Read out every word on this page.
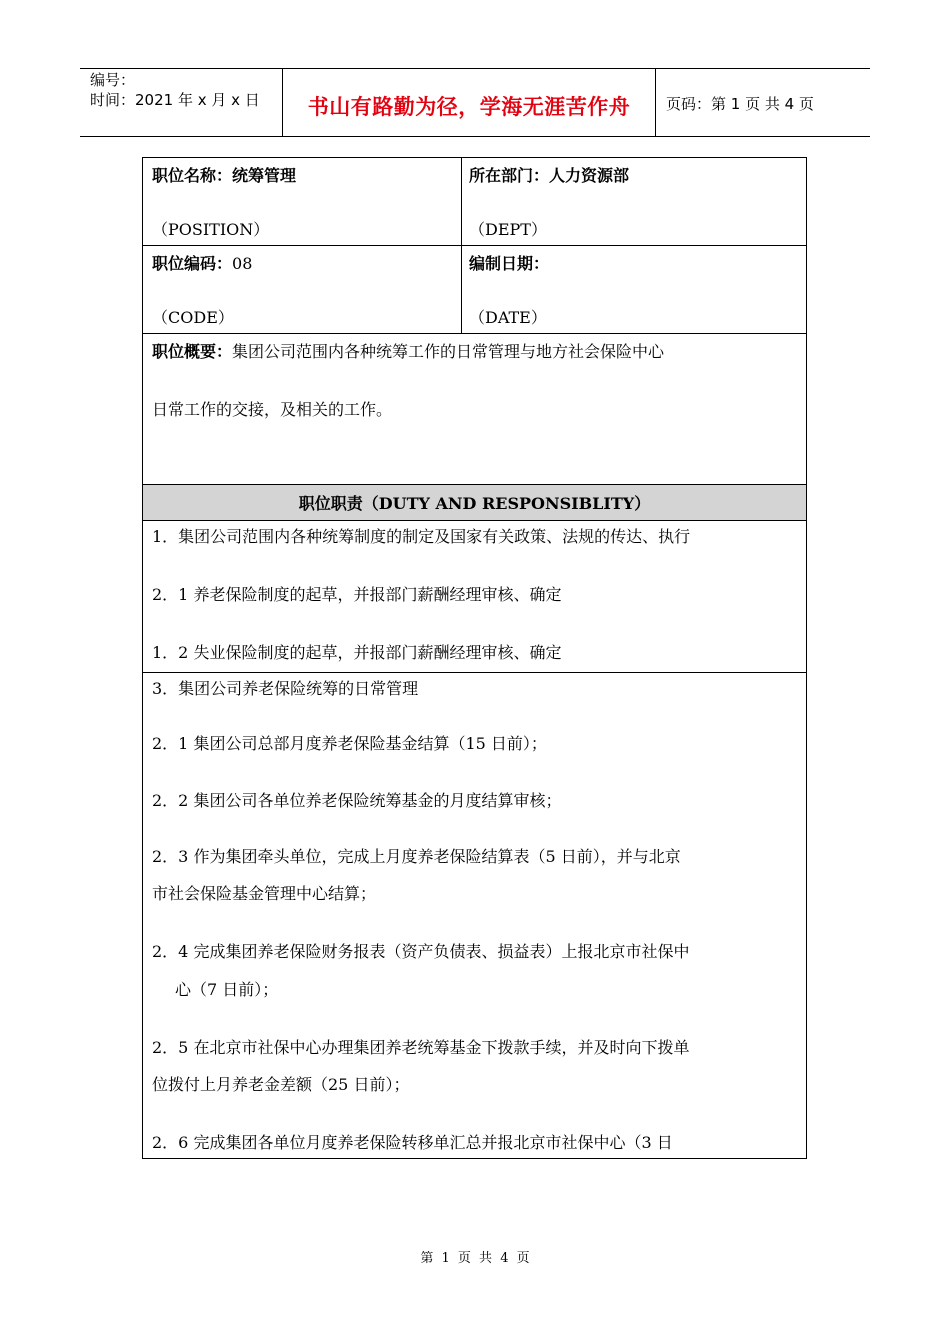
编号：
时间：2021 年 x 月 x 日	书山有路勤为径，学海无涯苦作舟	页码：第 1 页 共 4 页
职位名称：统筹管理
（POSITION）
所在部门：人力资源部
（DEPT）
职位编码：08
（CODE）
编制日期：
（DATE）
职位概要：集团公司范围内各种统筹工作的日常管理与地方社会保险中心
日常工作的交接，及相关的工作。
职位职责（DUTY AND RESPONSIBLITY）
1．集团公司范围内各种统筹制度的制定及国家有关政策、法规的传达、执行
2．1 养老保险制度的起草，并报部门薪酬经理审核、确定
1．2 失业保险制度的起草，并报部门薪酬经理审核、确定
3．集团公司养老保险统筹的日常管理
2．1 集团公司总部月度养老保险基金结算（15 日前）；
2．2 集团公司各单位养老保险统筹基金的月度结算审核；
2．3 作为集团牵头单位，完成上月度养老保险结算表（5 日前），并与北京
市社会保险基金管理中心结算；
2．4 完成集团养老保险财务报表（资产负债表、损益表）上报北京市社保中
心（7 日前）；
2．5 在北京市社保中心办理集团养老统筹基金下拨款手续，并及时向下拨单
位拨付上月养老金差额（25 日前）；
2．6 完成集团各单位月度养老保险转移单汇总并报北京市社保中心（3 日
第 1 页 共 4 页
